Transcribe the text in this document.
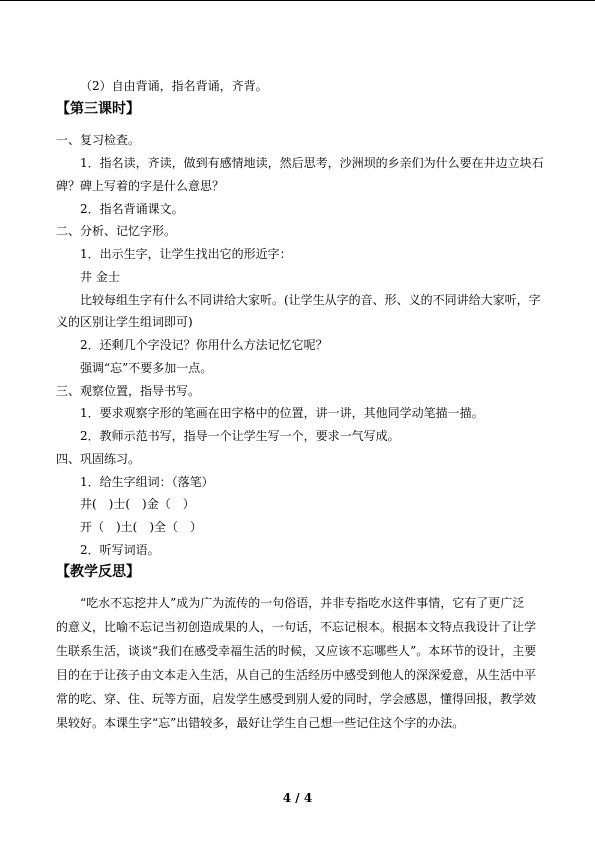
（2）自由背诵，指名背诵，齐背。
【第三课时】
一、复习检查。
1．指名读，齐读，做到有感情地读，然后思考，沙洲坝的乡亲们为什么要在井边立块石
碑？碑上写着的字是什么意思？
2．指名背诵课文。
二、分析、记忆字形。
1．出示生字，让学生找出它的形近字：
井 金士
比较每组生字有什么不同讲给大家听。(让学生从字的音、形、义的不同讲给大家听，字
义的区别让学生组词即可)
2．还剩几个字没记？你用什么方法记忆它呢？
强调“忘”不要多加一点。
三、观察位置，指导书写。
1．要求观察字形的笔画在田字格中的位置，讲一讲，其他同学动笔描一描。
2．教师示范书写，指导一个让学生写一个，要求一气写成。
四、巩固练习。
1．给生字组词：（落笔）
井(　)士(　)金（　）
开（　)土(　)全（　）
2．听写词语。
【教学反思】
“吃水不忘挖井人”成为广为流传的一句俗语，并非专指吃水这件事情，它有了更广泛
的意义，比喻不忘记当初创造成果的人，一句话，不忘记根本。根据本文特点我设计了让学
生联系生活，谈谈“我们在感受幸福生活的时候，又应该不忘哪些人”。本环节的设计，主要
目的在于让孩子由文本走入生活，从自己的生活经历中感受到他人的深深爱意，从生活中平
常的吃、穿、住、玩等方面，启发学生感受到别人爱的同时，学会感恩，懂得回报，教学效
果较好。本课生字“忘”出错较多，最好让学生自己想一些记住这个字的办法。
4 / 4
